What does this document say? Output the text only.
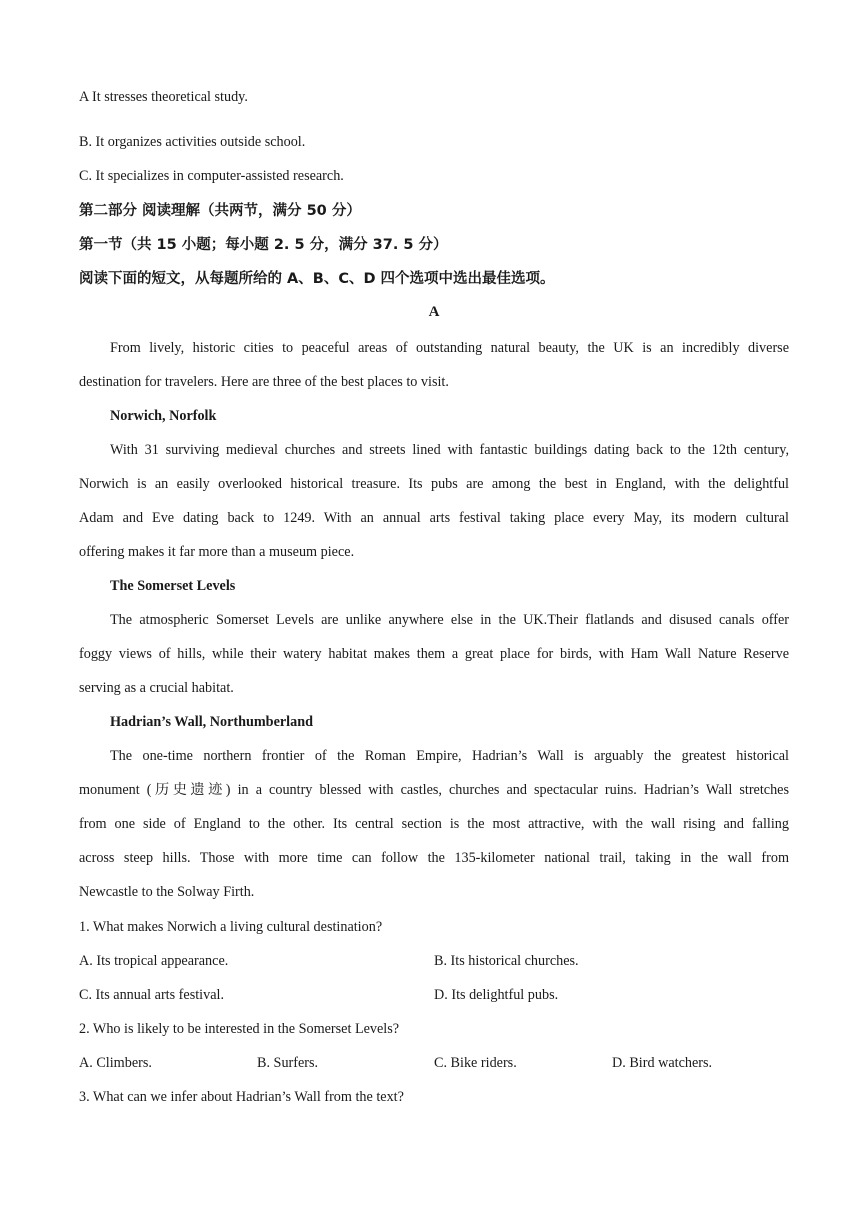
A It stresses theoretical study.
B. It organizes activities outside school.
C. It specializes in computer-assisted research.
第二部分 阅读理解（共两节，满分 50 分）
第一节（共 15 小题；每小题 2. 5 分，满分 37. 5 分）
阅读下面的短文，从每题所给的 A、B、C、D 四个选项中选出最佳选项。
A
From lively, historic cities to peaceful areas of outstanding natural beauty, the UK is an incredibly diverse
destination for travelers. Here are three of the best places to visit.
Norwich, Norfolk
With 31 surviving medieval churches and streets lined with fantastic buildings dating back to the 12th century,
Norwich is an easily overlooked historical treasure. Its pubs are among the best in England, with the delightful
Adam and Eve dating back to 1249. With an annual arts festival taking place every May, its modern cultural
offering makes it far more than a museum piece.
The Somerset Levels
The atmospheric Somerset Levels are unlike anywhere else in the UK.Their flatlands and disused canals offer
foggy views of hills, while their watery habitat makes them a great place for birds, with Ham Wall Nature Reserve
serving as a crucial habitat.
Hadrian’s Wall, Northumberland
The one-time northern frontier of the Roman Empire, Hadrian’s Wall is arguably the greatest historical
monument (历史遗迹) in a country blessed with castles, churches and spectacular ruins. Hadrian’s Wall stretches
from one side of England to the other. Its central section is the most attractive, with the wall rising and falling
across steep hills. Those with more time can follow the 135-kilometer national trail, taking in the wall from
Newcastle to the Solway Firth.
1. What makes Norwich a living cultural destination?
A. Its tropical appearance.	B. Its historical churches.
C. Its annual arts festival.	D. Its delightful pubs.
2. Who is likely to be interested in the Somerset Levels?
A. Climbers.	B. Surfers.	C. Bike riders.	D. Bird watchers.
3. What can we infer about Hadrian’s Wall from the text?
